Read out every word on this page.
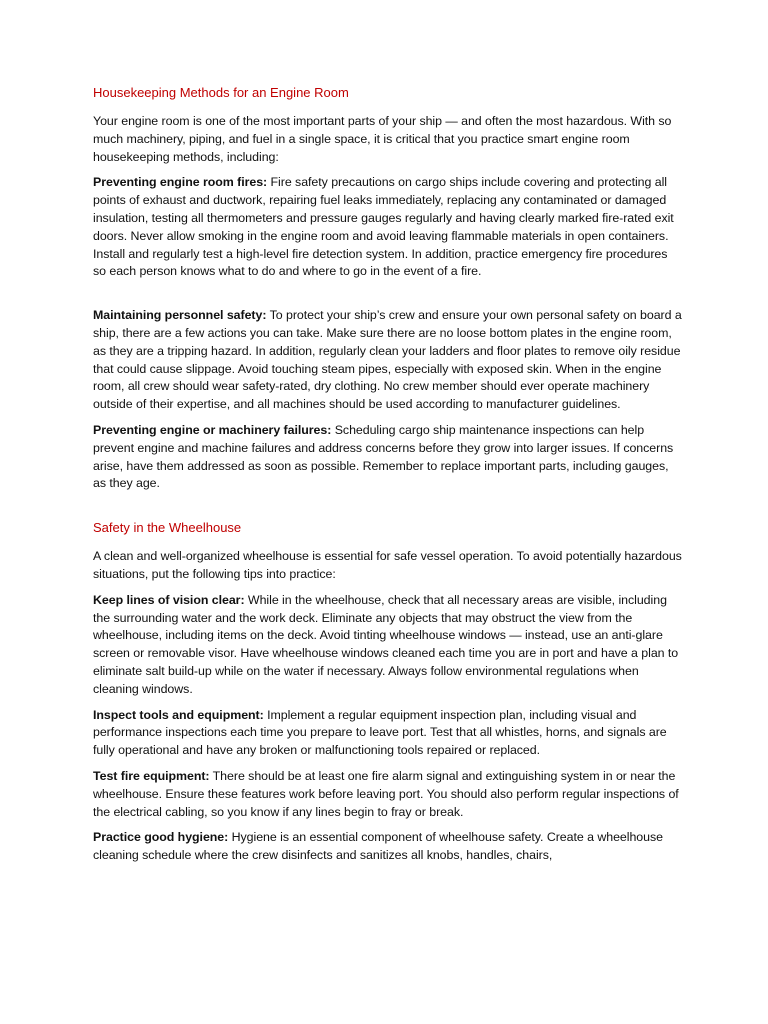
Housekeeping Methods for an Engine Room

Your engine room is one of the most important parts of your ship — and often the most hazardous. With so much machinery, piping, and fuel in a single space, it is critical that you practice smart engine room housekeeping methods, including:

Preventing engine room fires: Fire safety precautions on cargo ships include covering and protecting all points of exhaust and ductwork, repairing fuel leaks immediately, replacing any contaminated or damaged insulation, testing all thermometers and pressure gauges regularly and having clearly marked fire-rated exit doors. Never allow smoking in the engine room and avoid leaving flammable materials in open containers. Install and regularly test a high-level fire detection system. In addition, practice emergency fire procedures so each person knows what to do and where to go in the event of a fire.

Maintaining personnel safety: To protect your ship’s crew and ensure your own personal safety on board a ship, there are a few actions you can take. Make sure there are no loose bottom plates in the engine room, as they are a tripping hazard. In addition, regularly clean your ladders and floor plates to remove oily residue that could cause slippage. Avoid touching steam pipes, especially with exposed skin. When in the engine room, all crew should wear safety-rated, dry clothing. No crew member should ever operate machinery outside of their expertise, and all machines should be used according to manufacturer guidelines.

Preventing engine or machinery failures: Scheduling cargo ship maintenance inspections can help prevent engine and machine failures and address concerns before they grow into larger issues. If concerns arise, have them addressed as soon as possible. Remember to replace important parts, including gauges, as they age.

Safety in the Wheelhouse

A clean and well-organized wheelhouse is essential for safe vessel operation. To avoid potentially hazardous situations, put the following tips into practice:

Keep lines of vision clear: While in the wheelhouse, check that all necessary areas are visible, including the surrounding water and the work deck. Eliminate any objects that may obstruct the view from the wheelhouse, including items on the deck. Avoid tinting wheelhouse windows — instead, use an anti-glare screen or removable visor. Have wheelhouse windows cleaned each time you are in port and have a plan to eliminate salt build-up while on the water if necessary. Always follow environmental regulations when cleaning windows.

Inspect tools and equipment: Implement a regular equipment inspection plan, including visual and performance inspections each time you prepare to leave port. Test that all whistles, horns, and signals are fully operational and have any broken or malfunctioning tools repaired or replaced.

Test fire equipment: There should be at least one fire alarm signal and extinguishing system in or near the wheelhouse. Ensure these features work before leaving port. You should also perform regular inspections of the electrical cabling, so you know if any lines begin to fray or break.

Practice good hygiene: Hygiene is an essential component of wheelhouse safety. Create a wheelhouse cleaning schedule where the crew disinfects and sanitizes all knobs, handles, chairs,
